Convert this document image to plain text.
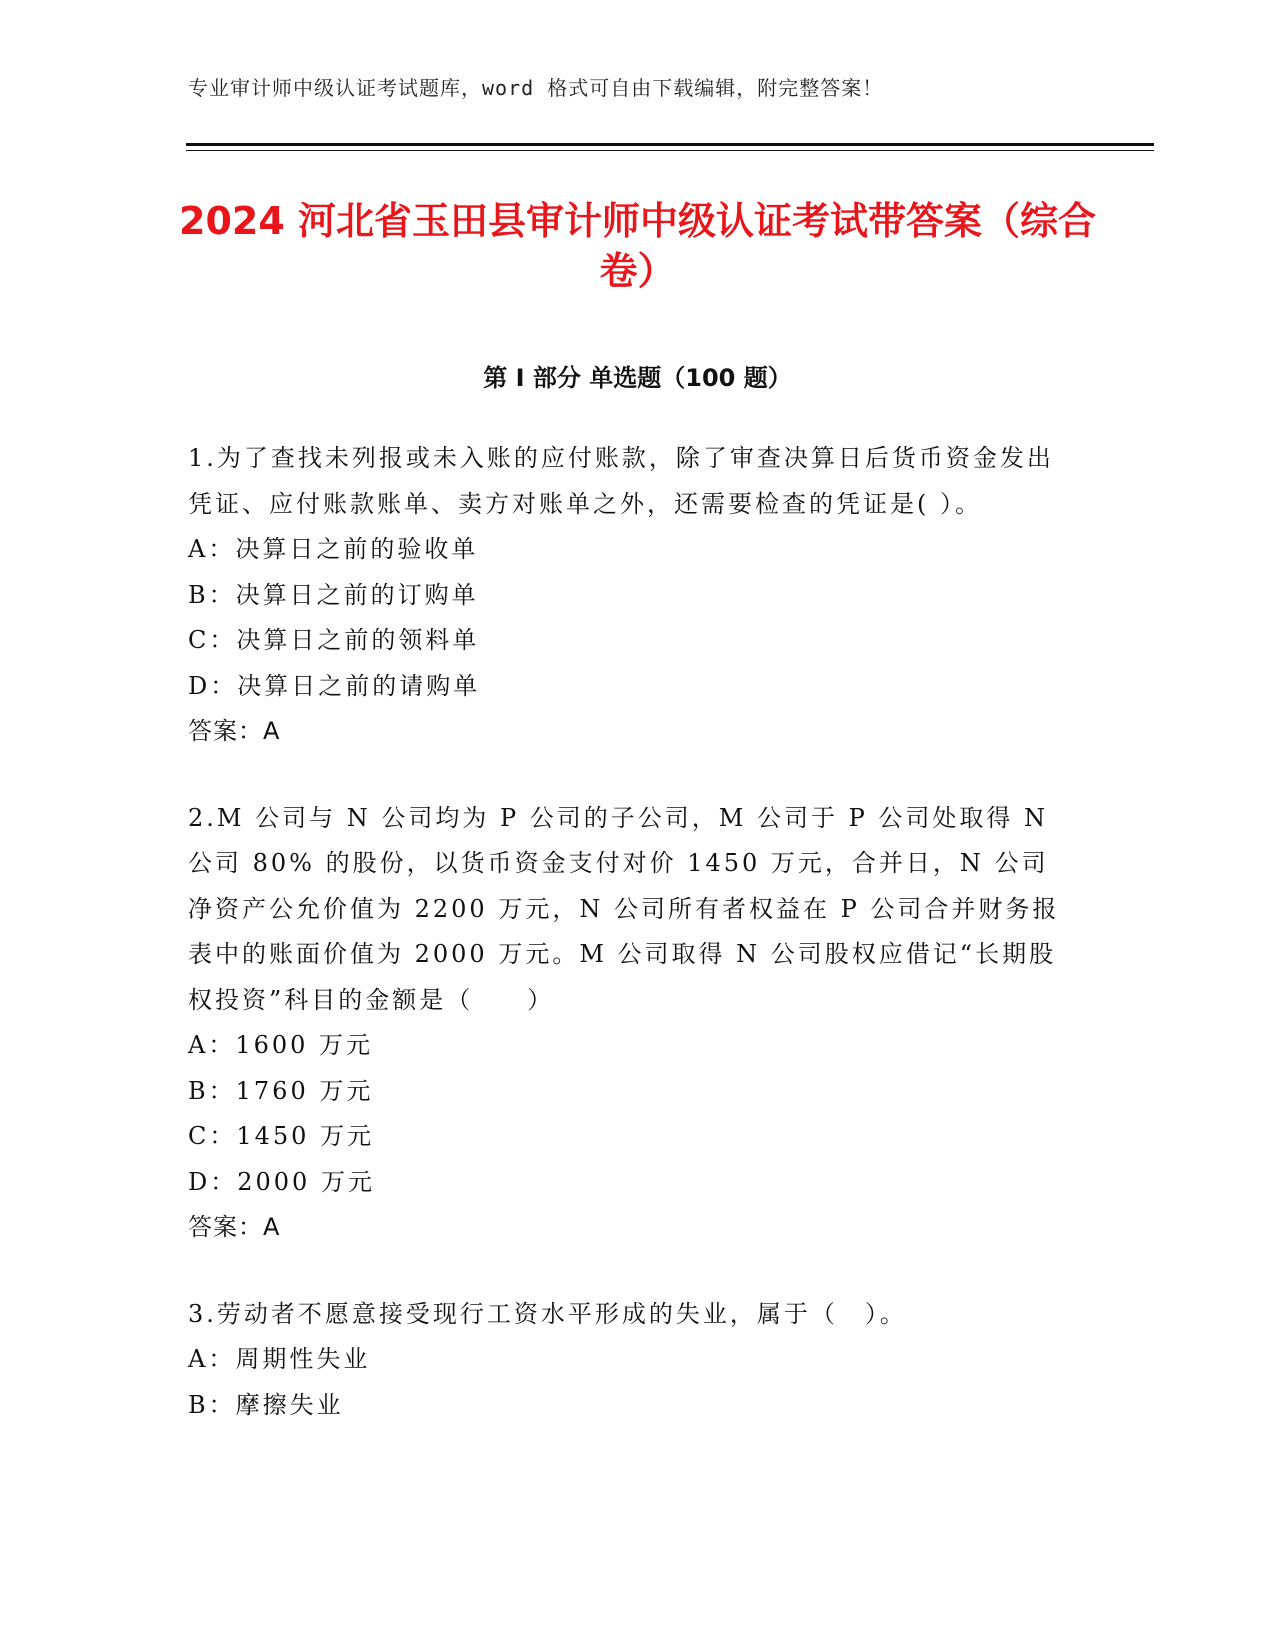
专业审计师中级认证考试题库，word 格式可自由下载编辑，附完整答案！
2024 河北省玉田县审计师中级认证考试带答案（综合卷）
第 I 部分 单选题（100 题）

1.为了查找未列报或未入账的应付账款，除了审查决算日后货币资金发出凭证、应付账款账单、卖方对账单之外，还需要检查的凭证是( ）。

A：决算日之前的验收单

B：决算日之前的订购单

C：决算日之前的领料单

D：决算日之前的请购单

答案：A

2.M 公司与 N 公司均为 P 公司的子公司，M 公司于 P 公司处取得 N 公司 80% 的股份，以货币资金支付对价 1450 万元，合并日，N 公司净资产公允价值为 2200 万元，N 公司所有者权益在 P 公司合并财务报表中的账面价值为 2000 万元。M 公司取得 N 公司股权应借记“长期股权投资”科目的金额是（　　）

A：1600 万元

B：1760 万元

C：1450 万元

D：2000 万元

答案：A

3.劳动者不愿意接受现行工资水平形成的失业，属于（　）。

A：周期性失业

B：摩擦失业
